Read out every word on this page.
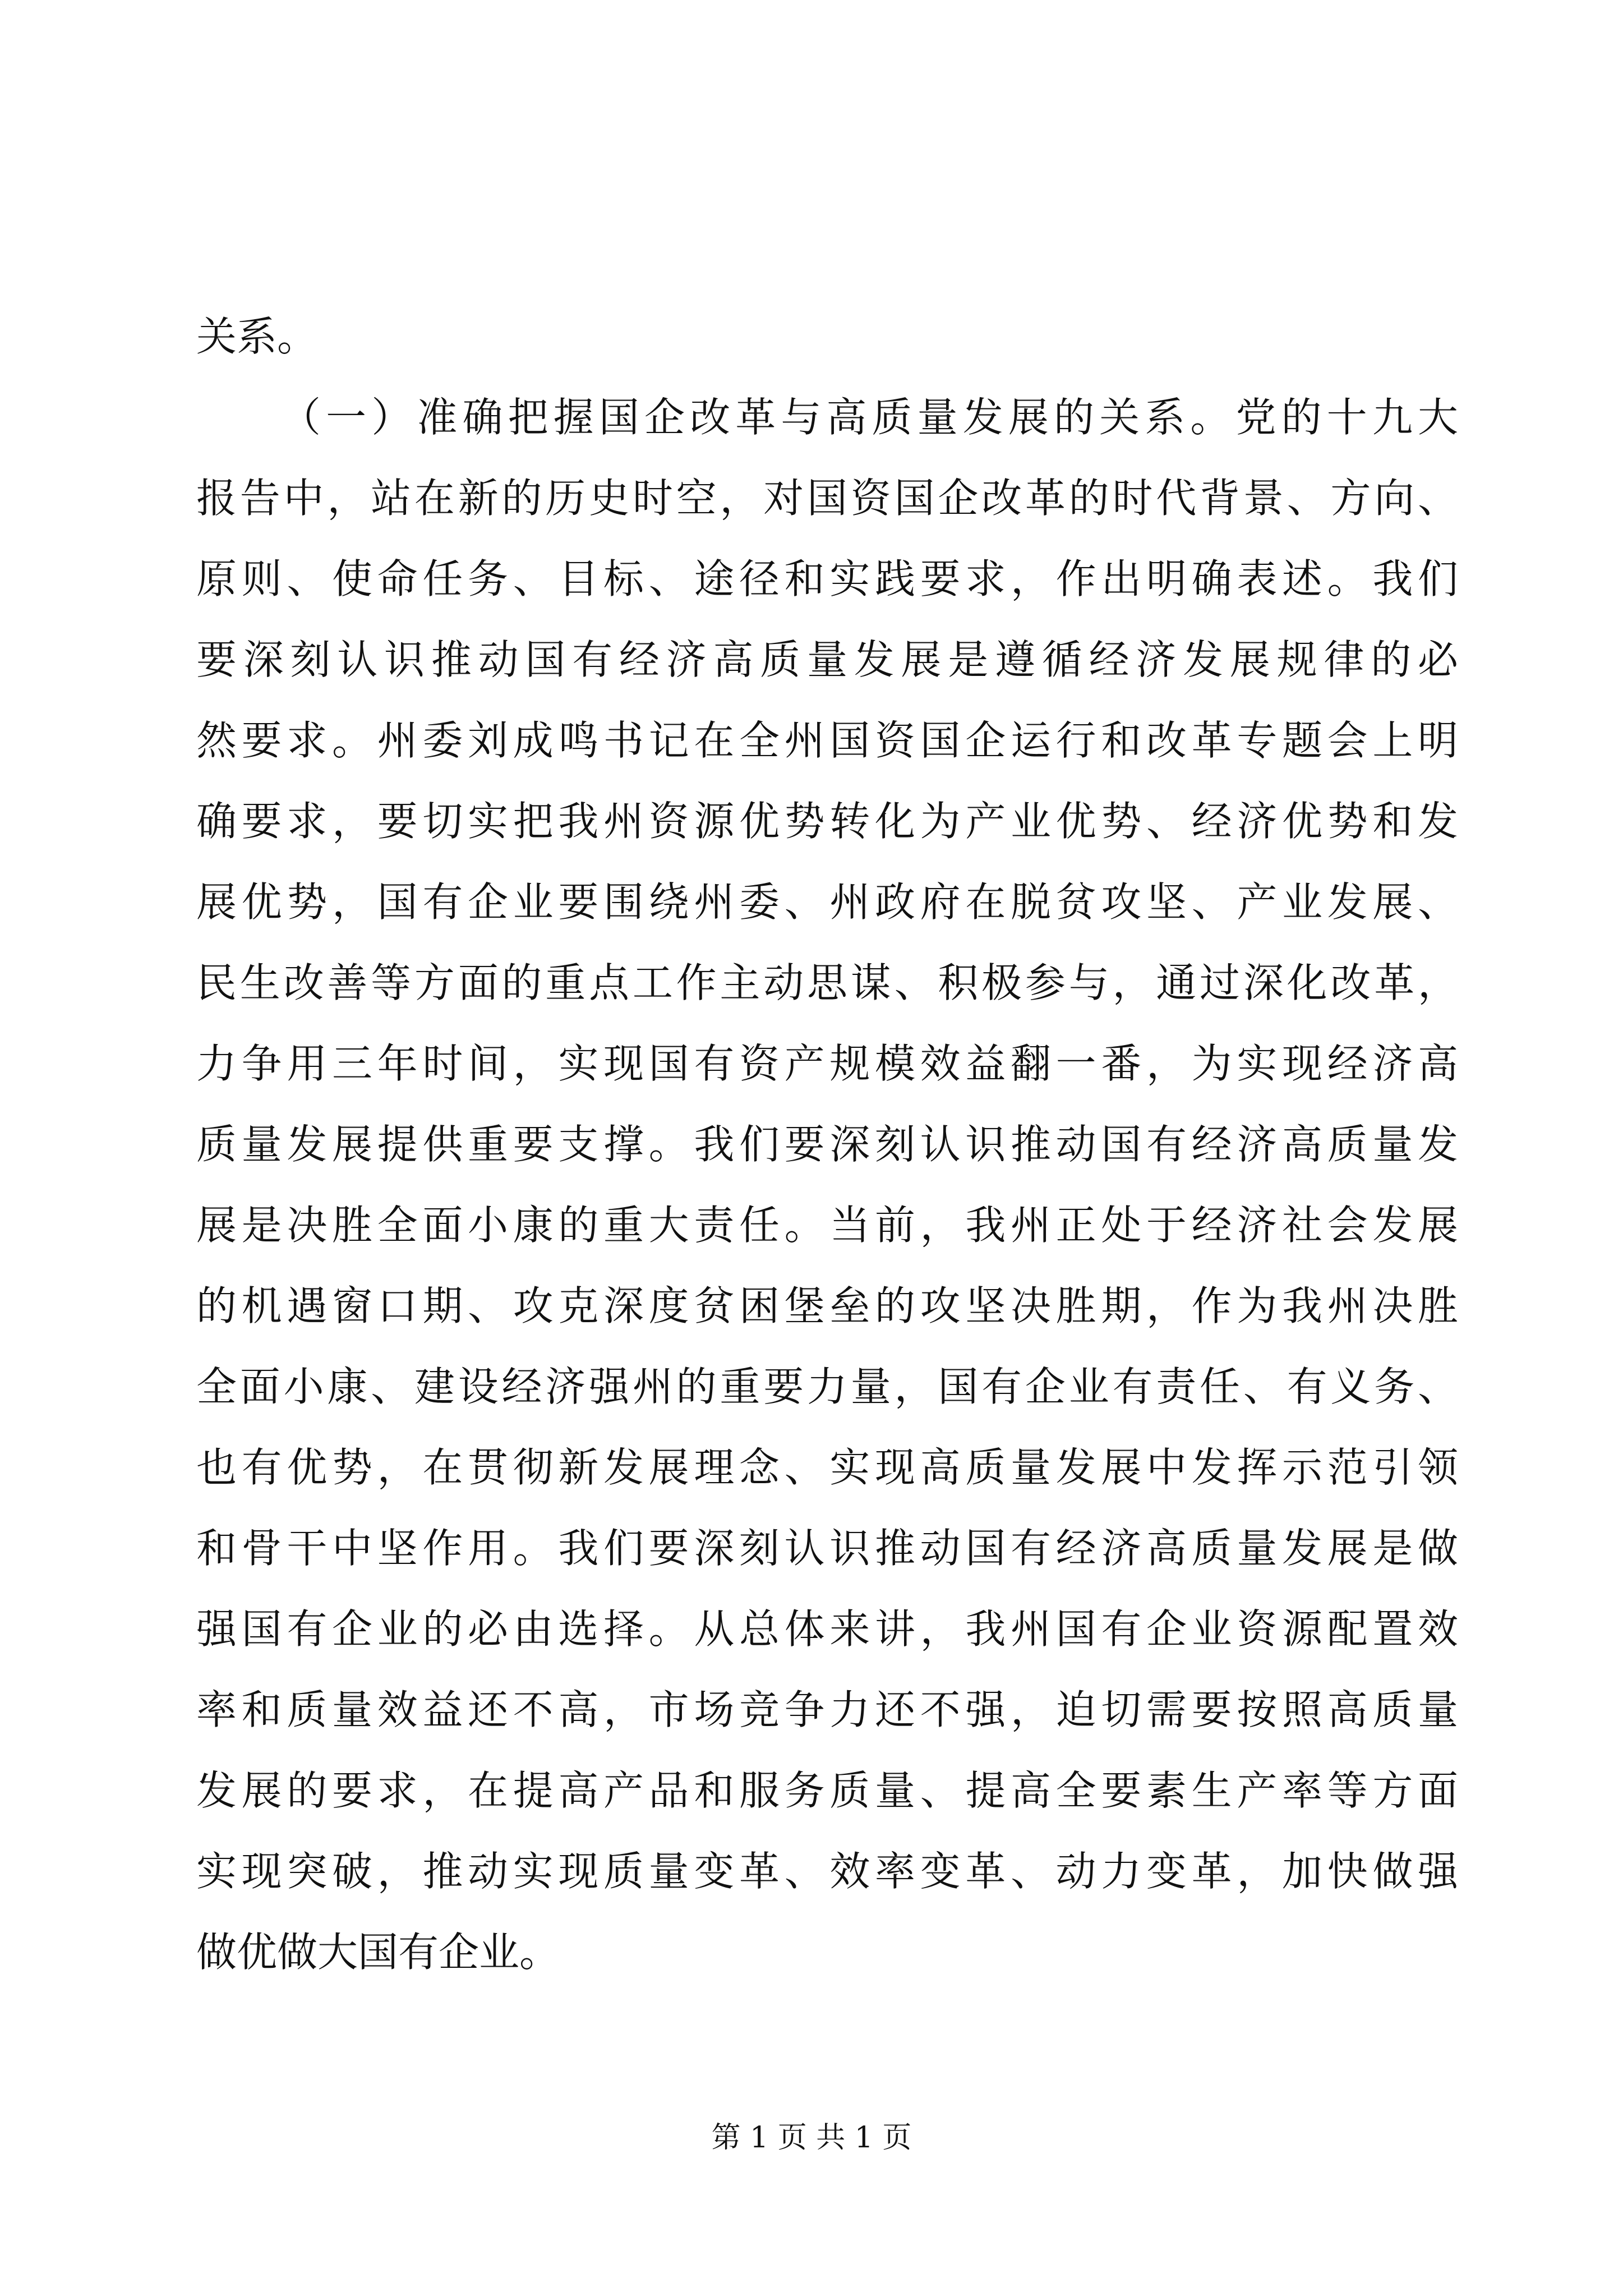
关系。
（一）准确把握国企改革与高质量发展的关系。党的十九大
报告中，站在新的历史时空，对国资国企改革的时代背景、方向、
原则、使命任务、目标、途径和实践要求，作出明确表述。我们
要深刻认识推动国有经济高质量发展是遵循经济发展规律的必
然要求。州委刘成鸣书记在全州国资国企运行和改革专题会上明
确要求，要切实把我州资源优势转化为产业优势、经济优势和发
展优势，国有企业要围绕州委、州政府在脱贫攻坚、产业发展、
民生改善等方面的重点工作主动思谋、积极参与，通过深化改革，
力争用三年时间，实现国有资产规模效益翻一番，为实现经济高
质量发展提供重要支撑。我们要深刻认识推动国有经济高质量发
展是决胜全面小康的重大责任。当前，我州正处于经济社会发展
的机遇窗口期、攻克深度贫困堡垒的攻坚决胜期，作为我州决胜
全面小康、建设经济强州的重要力量，国有企业有责任、有义务、
也有优势，在贯彻新发展理念、实现高质量发展中发挥示范引领
和骨干中坚作用。我们要深刻认识推动国有经济高质量发展是做
强国有企业的必由选择。从总体来讲，我州国有企业资源配置效
率和质量效益还不高，市场竞争力还不强，迫切需要按照高质量
发展的要求，在提高产品和服务质量、提高全要素生产率等方面
实现突破，推动实现质量变革、效率变革、动力变革，加快做强
做优做大国有企业。
第 1 页 共 1 页
